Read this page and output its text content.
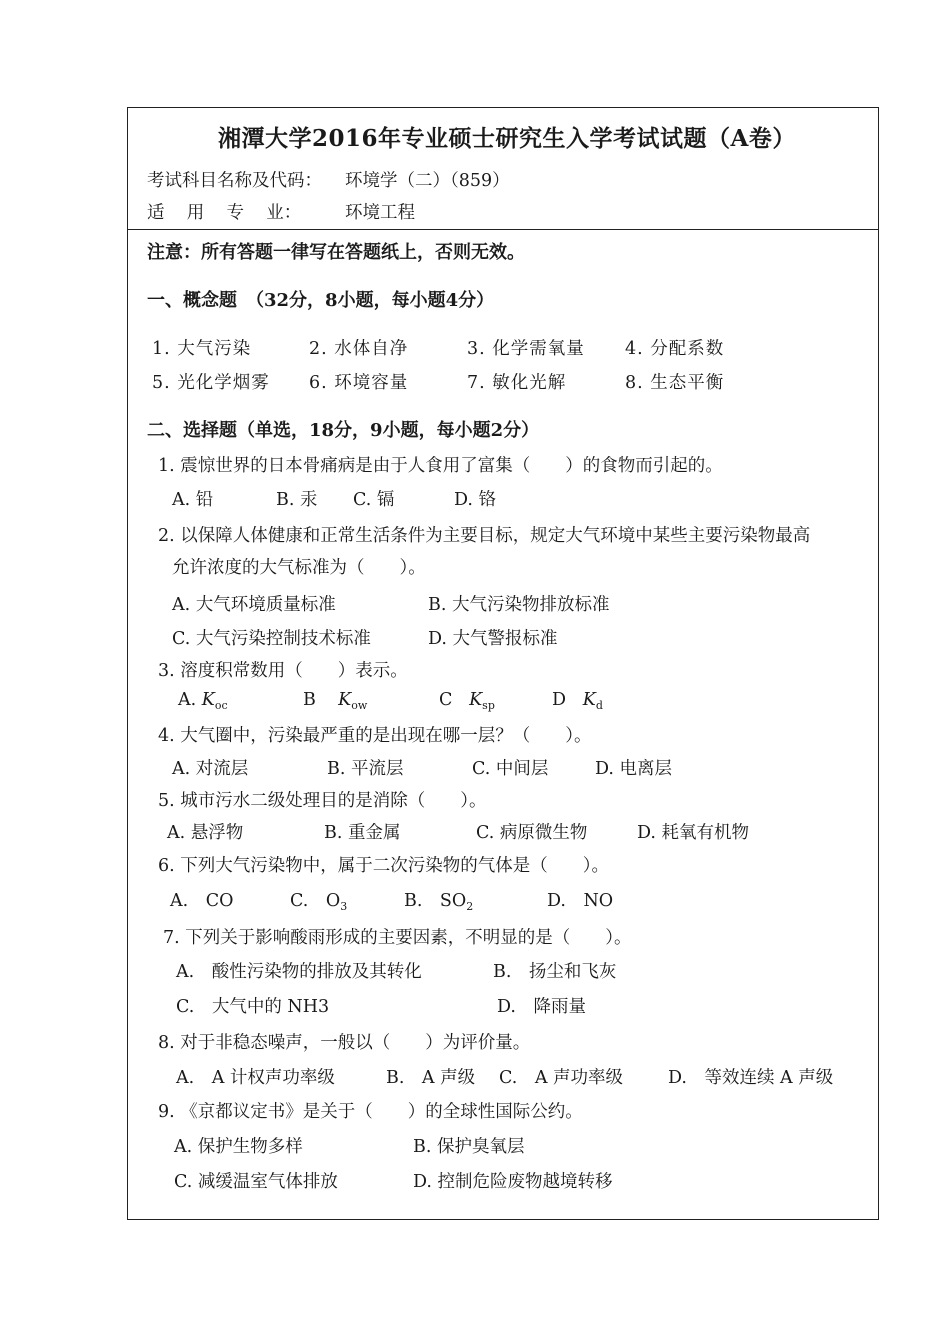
湘潭大学2016年专业硕士研究生入学考试试题（A卷）
考试科目名称及代码： 环境学（二）（859）
适    用    专    业： 环境工程
注意：所有答题一律写在答题纸上，否则无效。
一、概念题　（32分，8小题，每小题4分）
1. 大气污染	2. 水体自净	3. 化学需氧量 4. 分配系数
5. 光化学烟雾 6. 环境容量	7. 敏化光解	8. 生态平衡
二、选择题（单选，18分，9小题，每小题2分）
1. 震惊世界的日本骨痛病是由于人食用了富集（　　）的食物而引起的。
A. 铅	B. 汞 C. 镉	D. 铬
2. 以保障人体健康和正常生活条件为主要目标，规定大气环境中某些主要污染物最高
允许浓度的大气标准为（　　）。
A. 大气环境质量标准	B. 大气污染物排放标准
C. 大气污染控制技术标准	D. 大气警报标准
3. 溶度积常数用（　　）表示。
A. $K_{oc}$	B $K_{ow}$	C $K_{sp}$	D $K_d$
4. 大气圈中，污染最严重的是出现在哪一层？（　　）。
A. 对流层	B. 平流层	C. 中间层	D. 电离层
5. 城市污水二级处理目的是消除（　　）。
A. 悬浮物	B. 重金属	C. 病原微生物	D. 耗氧有机物
6. 下列大气污染物中，属于二次污染物的气体是（　　）。
A.　CO	C.　$O_3$	B.　$SO_2$	D.　NO
7. 下列关于影响酸雨形成的主要因素，不明显的是（　　）。
A.　酸性污染物的排放及其转化	B.　扬尘和飞灰
C.　大气中的 NH3	D.　降雨量
8. 对于非稳态噪声，一般以（　　）为评价量。
A.　A 计权声功率级	B.　A 声级 C.　A 声功率级	D.　等效连续 A 声级
9. 《京都议定书》是关于（　　）的全球性国际公约。
A. 保护生物多样	B. 保护臭氧层
C. 减缓温室气体排放	D. 控制危险废物越境转移
